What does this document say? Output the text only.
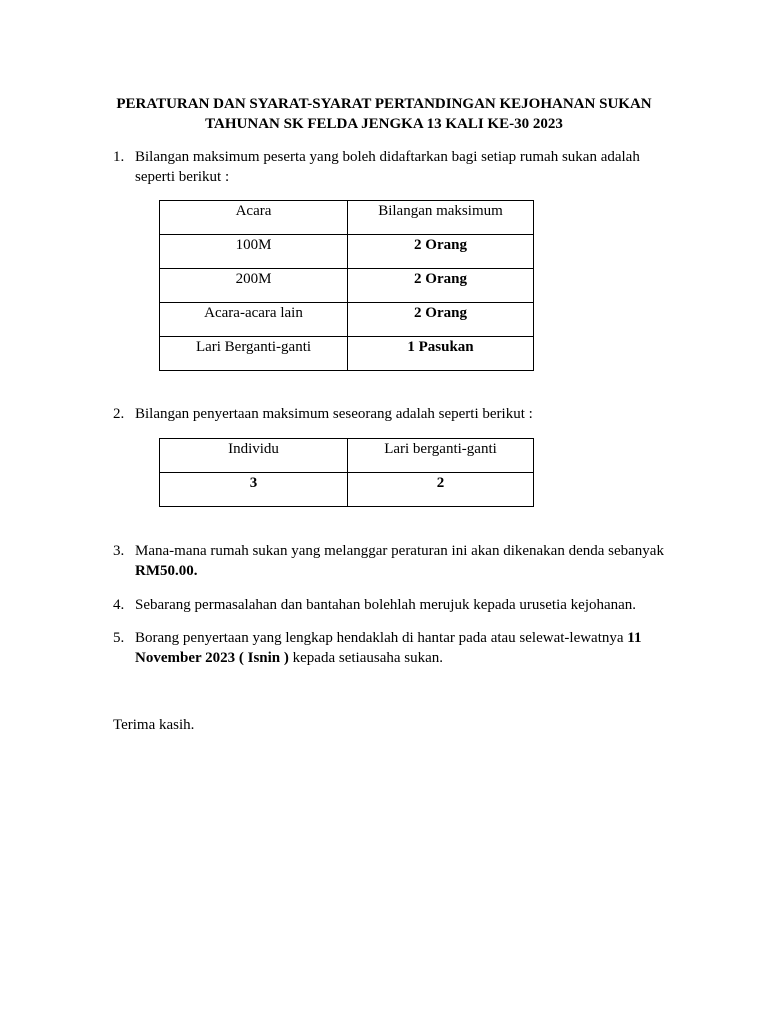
PERATURAN DAN SYARAT-SYARAT PERTANDINGAN KEJOHANAN SUKAN
TAHUNAN SK FELDA JENGKA 13 KALI KE-30 2023

1. Bilangan maksimum peserta yang boleh didaftarkan bagi setiap rumah sukan adalah seperti berikut :
Acara	Bilangan maksimum
100M	2 Orang
200M	2 Orang
Acara-acara lain	2 Orang
Lari Berganti-ganti	1 Pasukan
2. Bilangan penyertaan maksimum seseorang adalah seperti berikut :
Individu	Lari berganti-ganti
3	2
3. Mana-mana rumah sukan yang melanggar peraturan ini akan dikenakan denda sebanyak RM50.00.
4. Sebarang permasalahan dan bantahan bolehlah merujuk kepada urusetia kejohanan.
5. Borang penyertaan yang lengkap hendaklah di hantar pada atau selewat-lewatnya 11 November 2023 ( Isnin ) kepada setiausaha sukan.

Terima kasih.
